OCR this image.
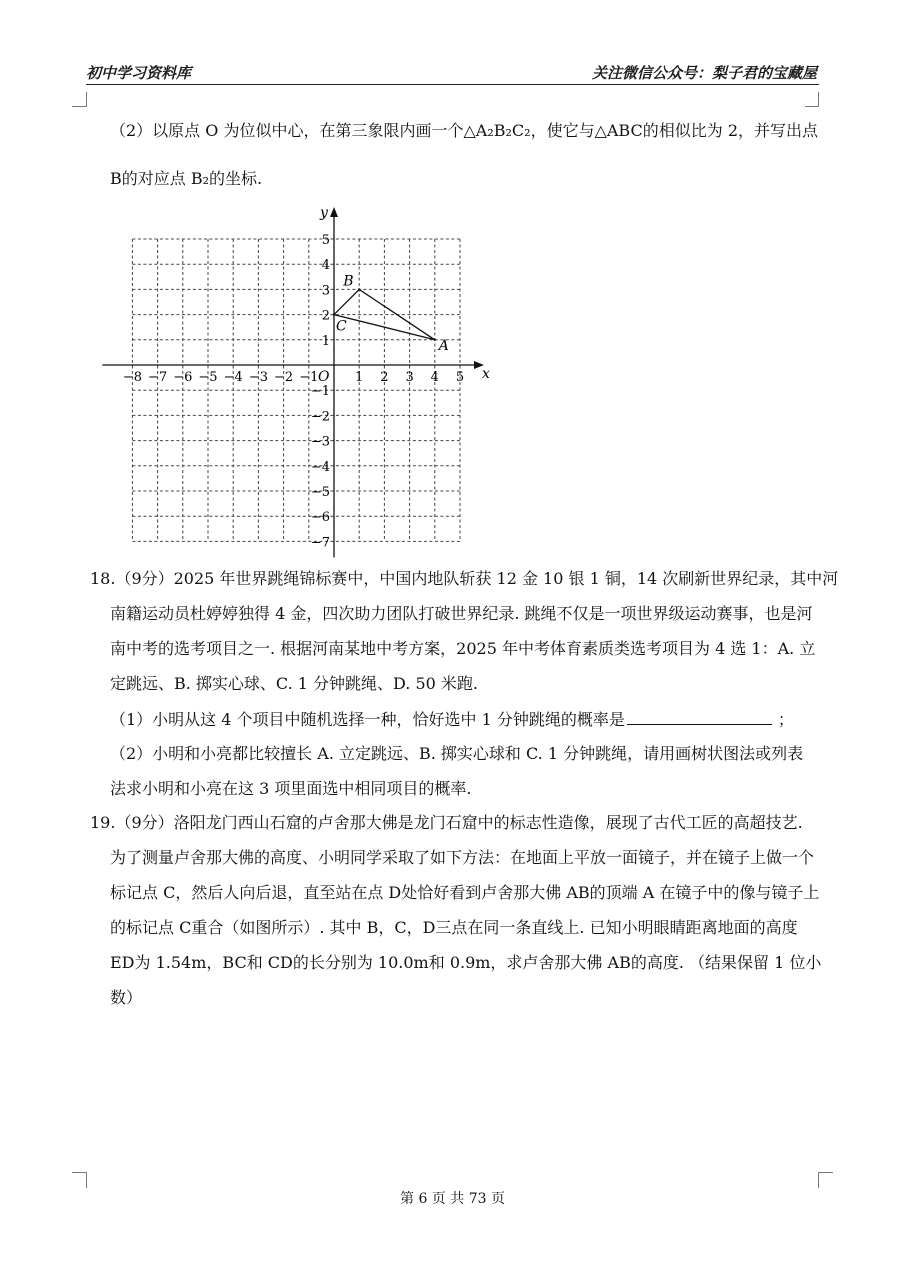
初中学习资料库	关注微信公众号：梨子君的宝藏屋
（2）以原点 O 为位似中心，在第三象限内画一个△A₂B₂C₂，使它与△ABC的相似比为 2，并写出点
B的对应点 B₂的坐标.
x
y
O
−8 −7 −6 −5 −4 −3 −2 −1	1 2 3 4 5
−7
−6
−5
−4
−3
−2
−1
1
2
3
4
5
A
B
C
18.（9分）2025 年世界跳绳锦标赛中，中国内地队斩获 12 金 10 银 1 铜，14 次刷新世界纪录，其中河
南籍运动员杜婷婷独得 4 金，四次助力团队打破世界纪录. 跳绳不仅是一项世界级运动赛事，也是河
南中考的选考项目之一. 根据河南某地中考方案，2025 年中考体育素质类选考项目为 4 选 1：A. 立
定跳远、B. 掷实心球、C. 1 分钟跳绳、D. 50 米跑.
（1）小明从这 4 个项目中随机选择一种，恰好选中 1 分钟跳绳的概率是	；
（2）小明和小亮都比较擅长 A. 立定跳远、B. 掷实心球和 C. 1 分钟跳绳，请用画树状图法或列表
法求小明和小亮在这 3 项里面选中相同项目的概率.
19.（9分）洛阳龙门西山石窟的卢舍那大佛是龙门石窟中的标志性造像，展现了古代工匠的高超技艺.
为了测量卢舍那大佛的高度、小明同学采取了如下方法：在地面上平放一面镜子，并在镜子上做一个
标记点 C，然后人向后退，直至站在点 D处恰好看到卢舍那大佛 AB的顶端 A 在镜子中的像与镜子上
的标记点 C重合（如图所示）. 其中 B，C，D三点在同一条直线上. 已知小明眼睛距离地面的高度
ED为 1.54m，BC和 CD的长分别为 10.0m和 0.9m，求卢舍那大佛 AB的高度. （结果保留 1 位小
数）
第 6 页 共 73 页
